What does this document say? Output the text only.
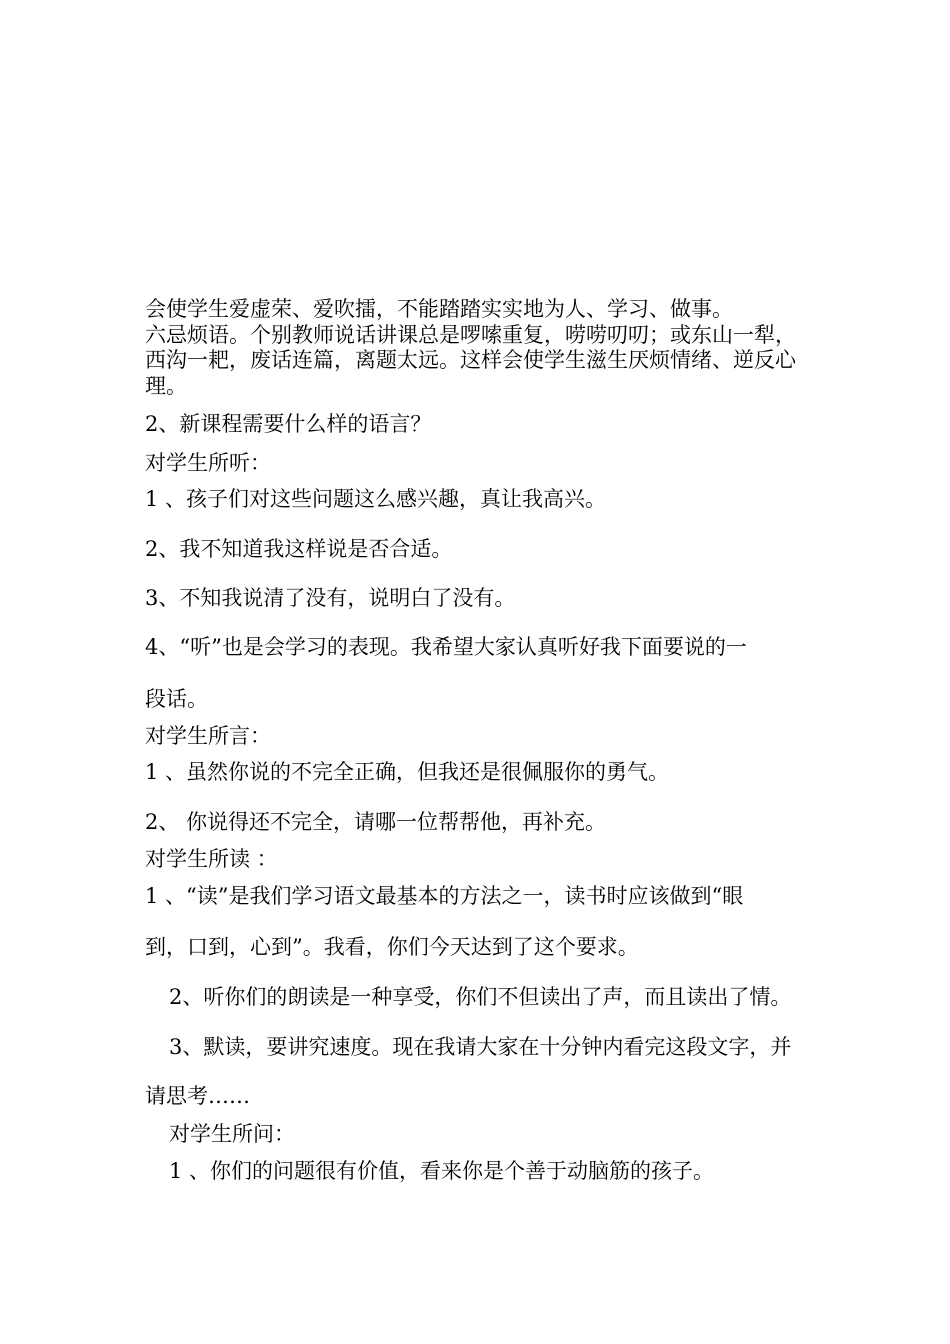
会使学生爱虚荣、爱吹擂，不能踏踏实实地为人、学习、做事。
六忌烦语。个别教师说话讲课总是啰嗦重复，唠唠叨叨；或东山一犁，
西沟一耙，废话连篇，离题太远。这样会使学生滋生厌烦情绪、逆反心
理。
2、新课程需要什么样的语言？
对学生所听：
1 、孩子们对这些问题这么感兴趣，真让我高兴。
2、我不知道我这样说是否合适。
3、不知我说清了没有，说明白了没有。
4、“听”也是会学习的表现。我希望大家认真听好我下面要说的一
段话。
对学生所言：
1 、虽然你说的不完全正确，但我还是很佩服你的勇气。
2、 你说得还不完全，请哪一位帮帮他，再补充。
对学生所读 ：
1 、“读”是我们学习语文最基本的方法之一，读书时应该做到“眼
到，口到，心到”。我看，你们今天达到了这个要求。
2、听你们的朗读是一种享受，你们不但读出了声，而且读出了情。
3、默读，要讲究速度。现在我请大家在十分钟内看完这段文字，并
请思考……
对学生所问：
1 、你们的问题很有价值，看来你是个善于动脑筋的孩子。
